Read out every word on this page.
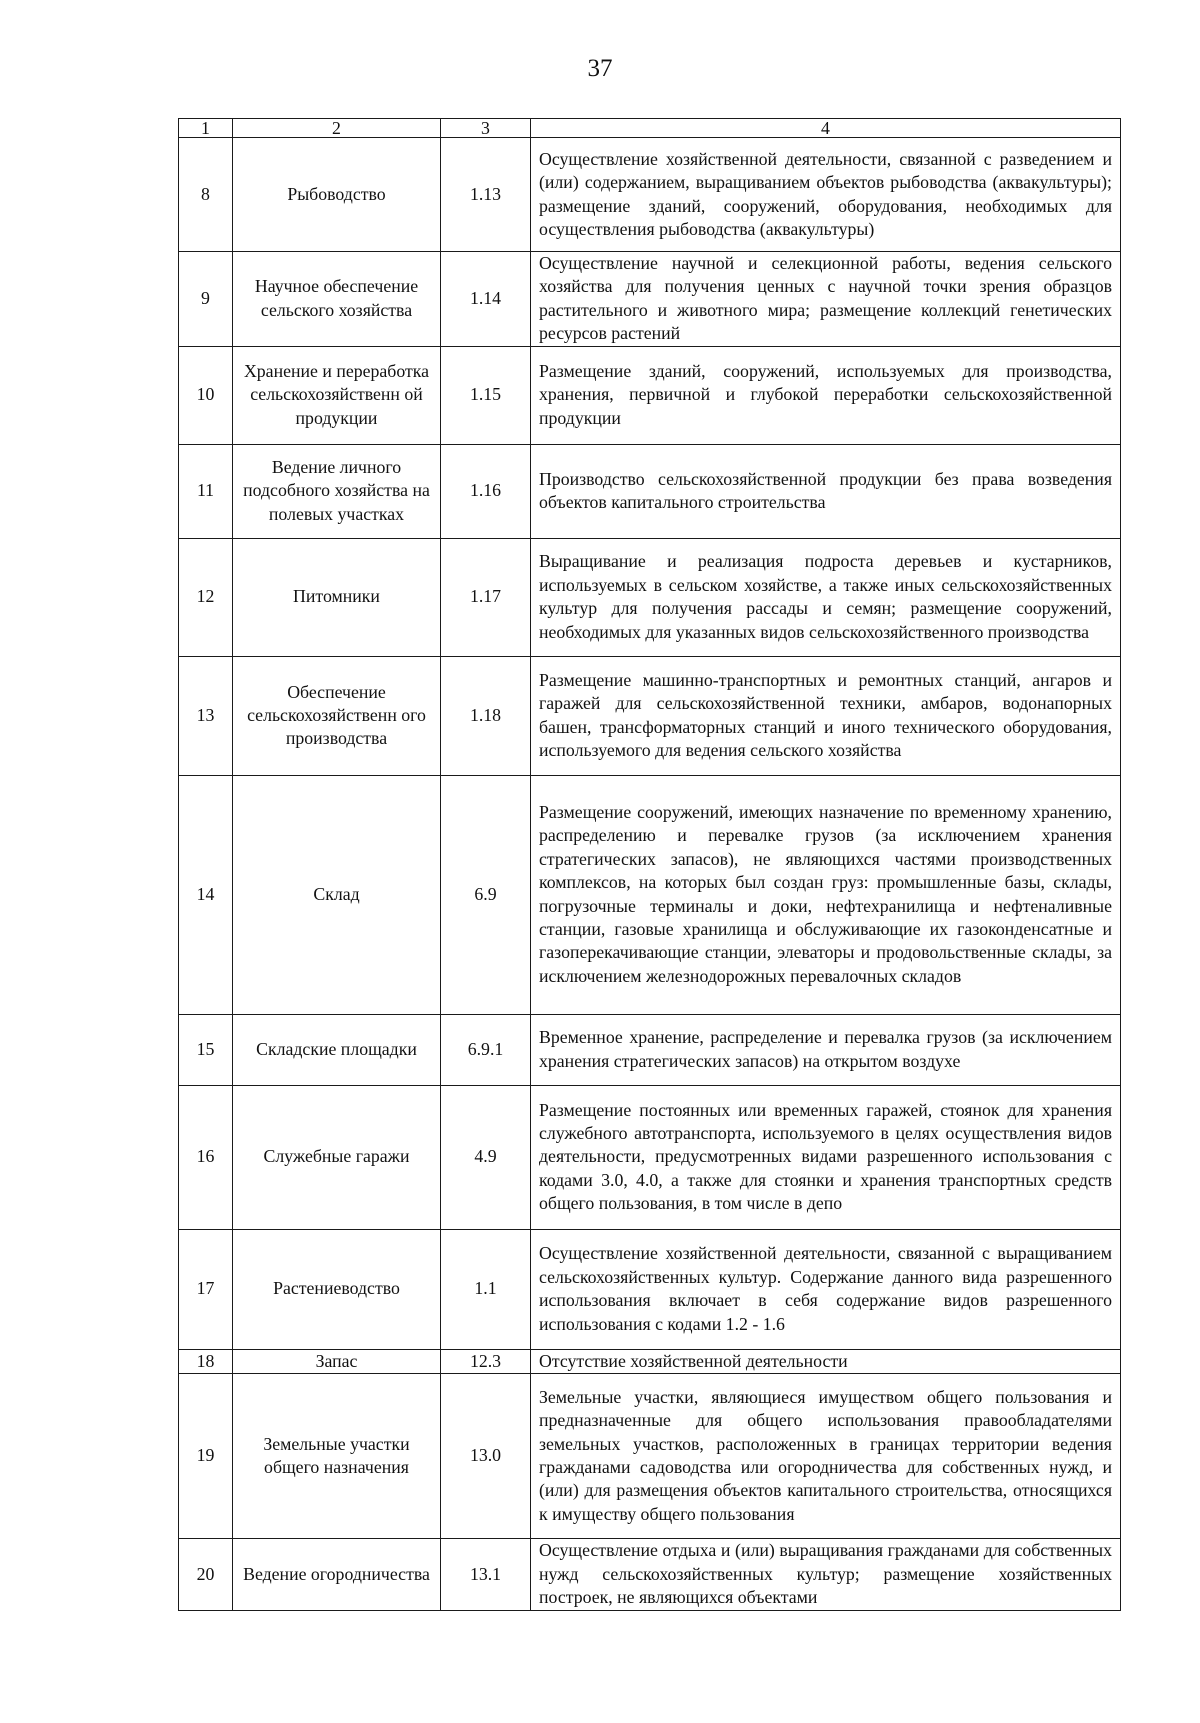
37
1	2	3	4
8	Рыбоводство	1.13	Осуществление хозяйственной деятельности, связанной с разведением и (или) содержанием, выращиванием объектов рыбоводства (аквакультуры); размещение зданий, сооружений, оборудования, необходимых для осуществления рыбоводства (аквакультуры)
9	Научное обеспечение сельского хозяйства	1.14	Осуществление научной и селекционной работы, ведения сельского хозяйства для получения ценных с научной точки зрения образцов растительного и животного мира; размещение коллекций генетических ресурсов растений
10	Хранение и переработка сельскохозяйственн ой продукции	1.15	Размещение зданий, сооружений, используемых для производства, хранения, первичной и глубокой переработки сельскохозяйственной продукции
11	Ведение личного подсобного хозяйства на полевых участках	1.16	Производство сельскохозяйственной продукции без права возведения объектов капитального строительства
12	Питомники	1.17	Выращивание и реализация подроста деревьев и кустарников, используемых в сельском хозяйстве, а также иных сельскохозяйственных культур для получения рассады и семян; размещение сооружений, необходимых для указанных видов сельскохозяйственного производства
13	Обеспечение сельскохозяйственн ого производства	1.18	Размещение машинно-транспортных и ремонтных станций, ангаров и гаражей для сельскохозяйственной техники, амбаров, водонапорных башен, трансформаторных станций и иного технического оборудования, используемого для ведения сельского хозяйства
14	Склад	6.9	Размещение сооружений, имеющих назначение по временному хранению, распределению и перевалке грузов (за исключением хранения стратегических запасов), не являющихся частями производственных комплексов, на которых был создан груз: промышленные базы, склады, погрузочные терминалы и доки, нефтехранилища и нефтеналивные станции, газовые хранилища и обслуживающие их газоконденсатные и газоперекачивающие станции, элеваторы и продовольственные склады, за исключением железнодорожных перевалочных складов
15	Складские площадки	6.9.1	Временное хранение, распределение и перевалка грузов (за исключением хранения стратегических запасов) на открытом воздухе
16	Служебные гаражи	4.9	Размещение постоянных или временных гаражей, стоянок для хранения служебного автотранспорта, используемого в целях осуществления видов деятельности, предусмотренных видами разрешенного использования с кодами 3.0, 4.0, а также для стоянки и хранения транспортных средств общего пользования, в том числе в депо
17	Растениеводство	1.1	Осуществление хозяйственной деятельности, связанной с выращиванием сельскохозяйственных культур. Содержание данного вида разрешенного использования включает в себя содержание видов разрешенного использования с кодами 1.2 - 1.6
18	Запас	12.3	Отсутствие хозяйственной деятельности
19	Земельные участки общего назначения	13.0	Земельные участки, являющиеся имуществом общего пользования и предназначенные для общего использования правообладателями земельных участков, расположенных в границах территории ведения гражданами садоводства или огородничества для собственных нужд, и (или) для размещения объектов капитального строительства, относящихся к имуществу общего пользования
20	Ведение огородничества	13.1	Осуществление отдыха и (или) выращивания гражданами для собственных нужд сельскохозяйственных культур; размещение хозяйственных построек, не являющихся объектами
